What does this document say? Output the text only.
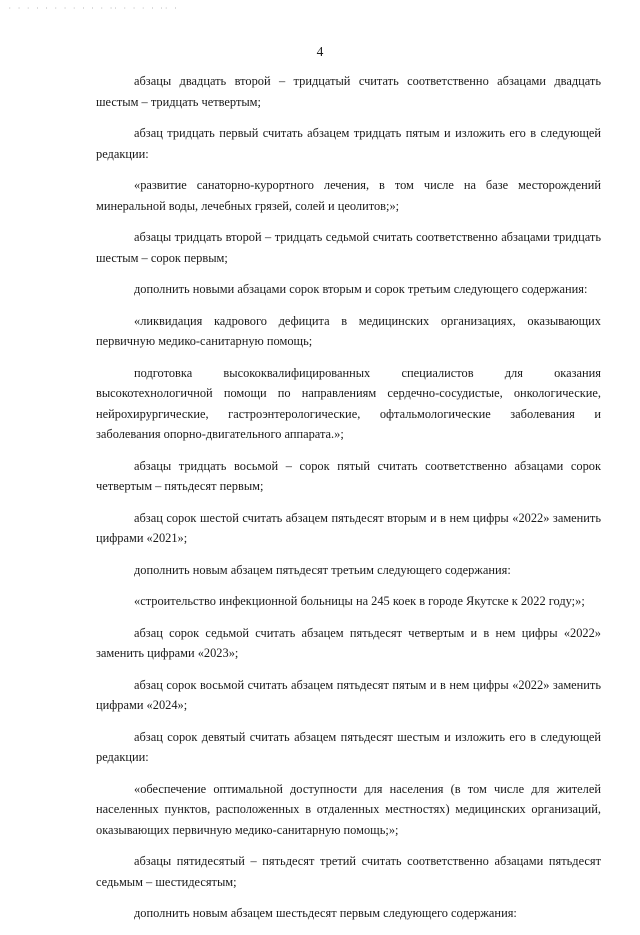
· · · · · · · · · · · ·· · · · · ·· ·
4

абзацы двадцать второй – тридцатый считать соответственно абзацами двадцать шестым – тридцать четвертым;

абзац тридцать первый считать абзацем тридцать пятым и изложить его в следующей редакции:

«развитие санаторно-курортного лечения, в том числе на базе месторождений минеральной воды, лечебных грязей, солей и цеолитов;»;

абзацы тридцать второй – тридцать седьмой считать соответственно абзацами тридцать шестым – сорок первым;

дополнить новыми абзацами сорок вторым и сорок третьим следующего содержания:

«ликвидация кадрового дефицита в медицинских организациях, оказывающих первичную медико-санитарную помощь;

подготовка высококвалифицированных специалистов для оказания высокотехнологичной помощи по направлениям сердечно-сосудистые, онкологические, нейрохирургические, гастроэнтерологические, офтальмологические заболевания и заболевания опорно-двигательного аппарата.»;

абзацы тридцать восьмой – сорок пятый считать соответственно абзацами сорок четвертым – пятьдесят первым;

абзац сорок шестой считать абзацем пятьдесят вторым и в нем цифры «2022» заменить цифрами «2021»;

дополнить новым абзацем пятьдесят третьим следующего содержания:

«строительство инфекционной больницы на 245 коек в городе Якутске к 2022 году;»;

абзац сорок седьмой считать абзацем пятьдесят четвертым и в нем цифры «2022» заменить цифрами «2023»;

абзац сорок восьмой считать абзацем пятьдесят пятым и в нем цифры «2022» заменить цифрами «2024»;

абзац сорок девятый считать абзацем пятьдесят шестым и изложить его в следующей редакции:

«обеспечение оптимальной доступности для населения (в том числе для жителей населенных пунктов, расположенных в отдаленных местностях) медицинских организаций, оказывающих первичную медико-санитарную помощь;»;

абзацы пятидесятый – пятьдесят третий считать соответственно абзацами пятьдесят седьмым – шестидесятым;

дополнить новым абзацем шестьдесят первым следующего содержания:
